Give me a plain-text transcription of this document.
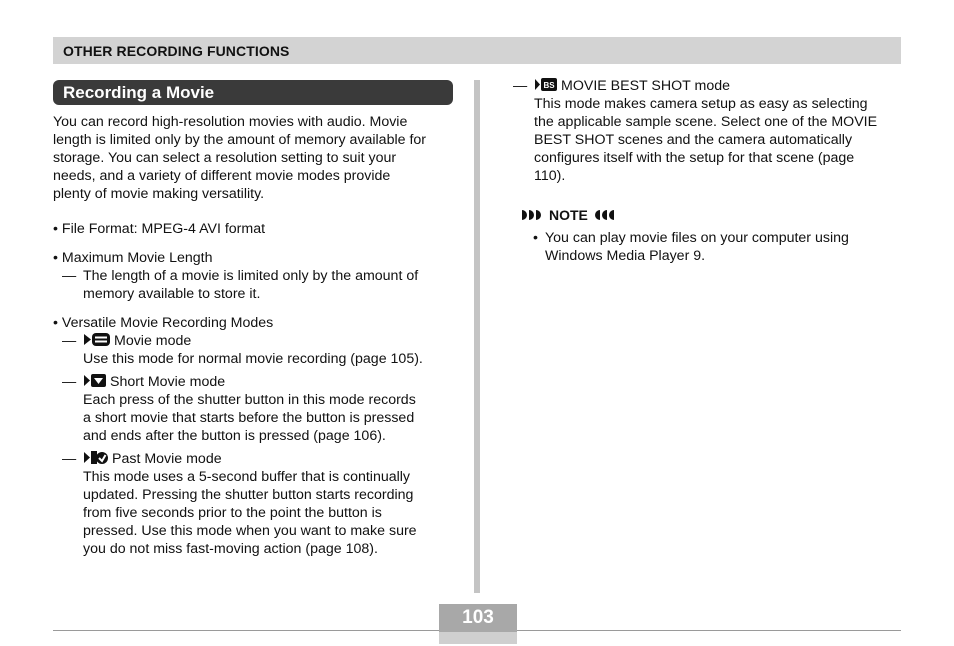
OTHER RECORDING FUNCTIONS
Recording a Movie
You can record high-resolution movies with audio. Movie
length is limited only by the amount of memory available for
storage. You can select a resolution setting to suit your
needs, and a variety of different movie modes provide
plenty of movie making versatility.
• File Format: MPEG-4 AVI format
• Maximum Movie Length
— The length of a movie is limited only by the amount of
memory available to store it.
• Versatile Movie Recording Modes
—	Movie mode
Use this mode for normal movie recording (page 105).
—	Short Movie mode
Each press of the shutter button in this mode records
a short movie that starts before the button is pressed
and ends after the button is pressed (page 106).
—	Past Movie mode
This mode uses a 5-second buffer that is continually
updated. Pressing the shutter button starts recording
from five seconds prior to the point the button is
pressed. Use this mode when you want to make sure
you do not miss fast-moving action (page 108).
— BS MOVIE BEST SHOT mode
This mode makes camera setup as easy as selecting
the applicable sample scene. Select one of the MOVIE
BEST SHOT scenes and the camera automatically
configures itself with the setup for that scene (page
110).
NOTE
• You can play movie files on your computer using
Windows Media Player 9.
103
